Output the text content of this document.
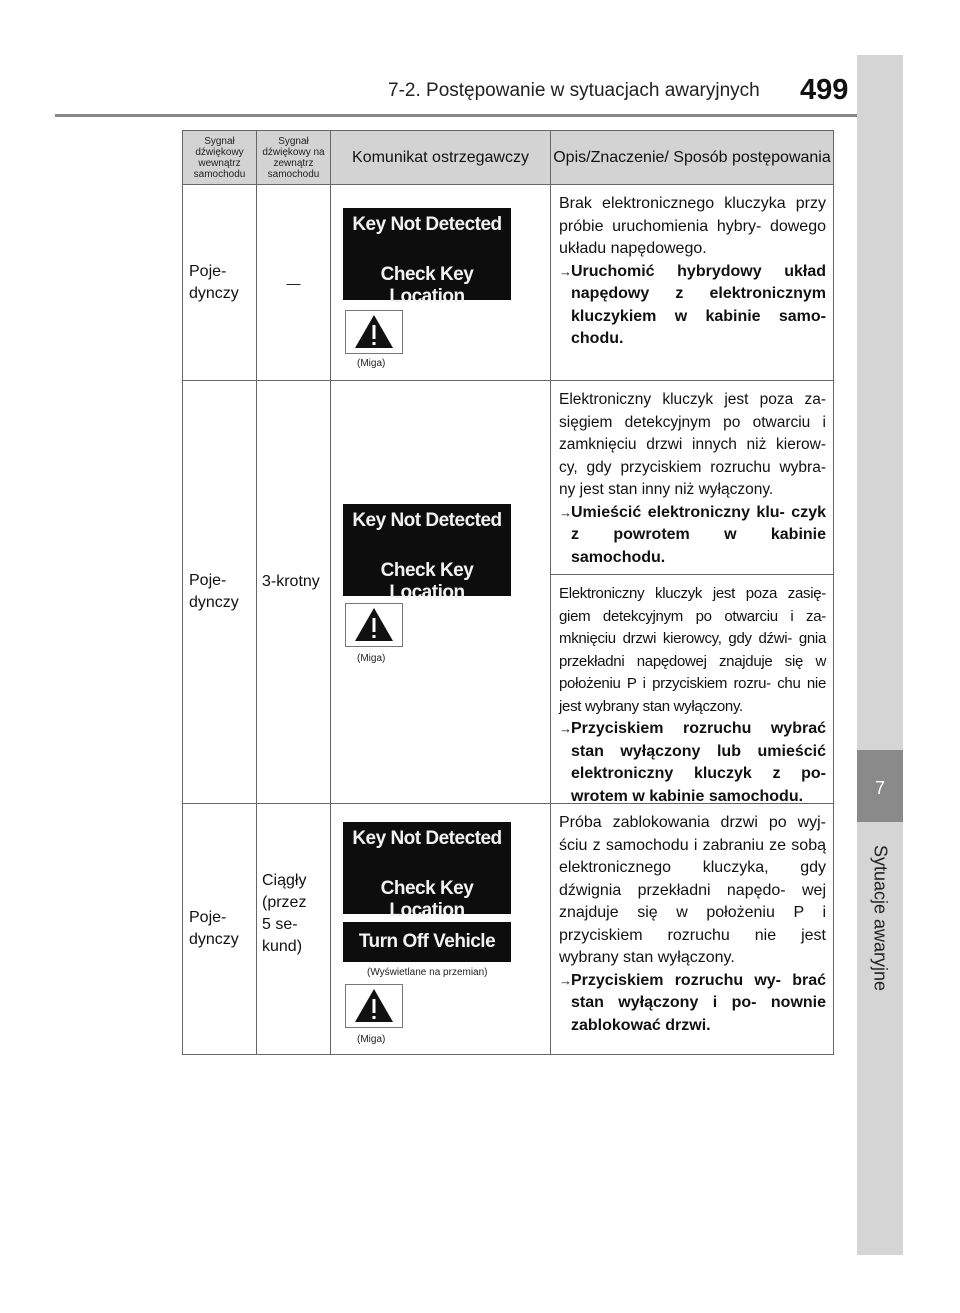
7-2. Postępowanie w sytuacjach awaryjnych 499
7
Sytuacje awaryjne
Sygnał dźwiękowy wewnątrz samochodu
Sygnał dźwiękowy na zewnątrz samochodu
Komunikat ostrzegawczy	Opis/Znaczenie/ Sposób postępowania
Poje- dynczy
—
Key Not Detected
Check Key Location
(Miga)

Brak elektronicznego kluczyka przy próbie uruchomienia hybry- dowego układu napędowego.

→ Uruchomić hybrydowy układ napędowy z elektronicznym kluczykiem w kabinie samo- chodu.
Poje- dynczy
3-krotny
Key Not Detected
Check Key Location
(Miga)

Elektroniczny kluczyk jest poza za- sięgiem detekcyjnym po otwarciu i zamknięciu drzwi innych niż kierow- cy, gdy przyciskiem rozruchu wybra- ny jest stan inny niż wyłączony.

→ Umieścić elektroniczny klu- czyk z powrotem w kabinie samochodu.

Elektroniczny kluczyk jest poza zasię- giem detekcyjnym po otwarciu i za- mknięciu drzwi kierowcy, gdy dźwi- gnia przekładni napędowej znajduje się w położeniu P i przyciskiem rozru- chu nie jest wybrany stan wyłączony.

→ Przyciskiem rozruchu wybrać stan wyłączony lub umieścić elektroniczny kluczyk z po- wrotem w kabinie samochodu.
Poje- dynczy
Ciągły (przez 5 se- kund)
Key Not Detected
Check Key Location
Turn Off Vehicle
(Wyświetlane na przemian)
(Miga)

Próba zablokowania drzwi po wyj- ściu z samochodu i zabraniu ze sobą elektronicznego kluczyka, gdy dźwignia przekładni napędo- wej znajduje się w położeniu P i przyciskiem rozruchu nie jest wybrany stan wyłączony.

→ Przyciskiem rozruchu wy- brać stan wyłączony i po- nownie zablokować drzwi.
